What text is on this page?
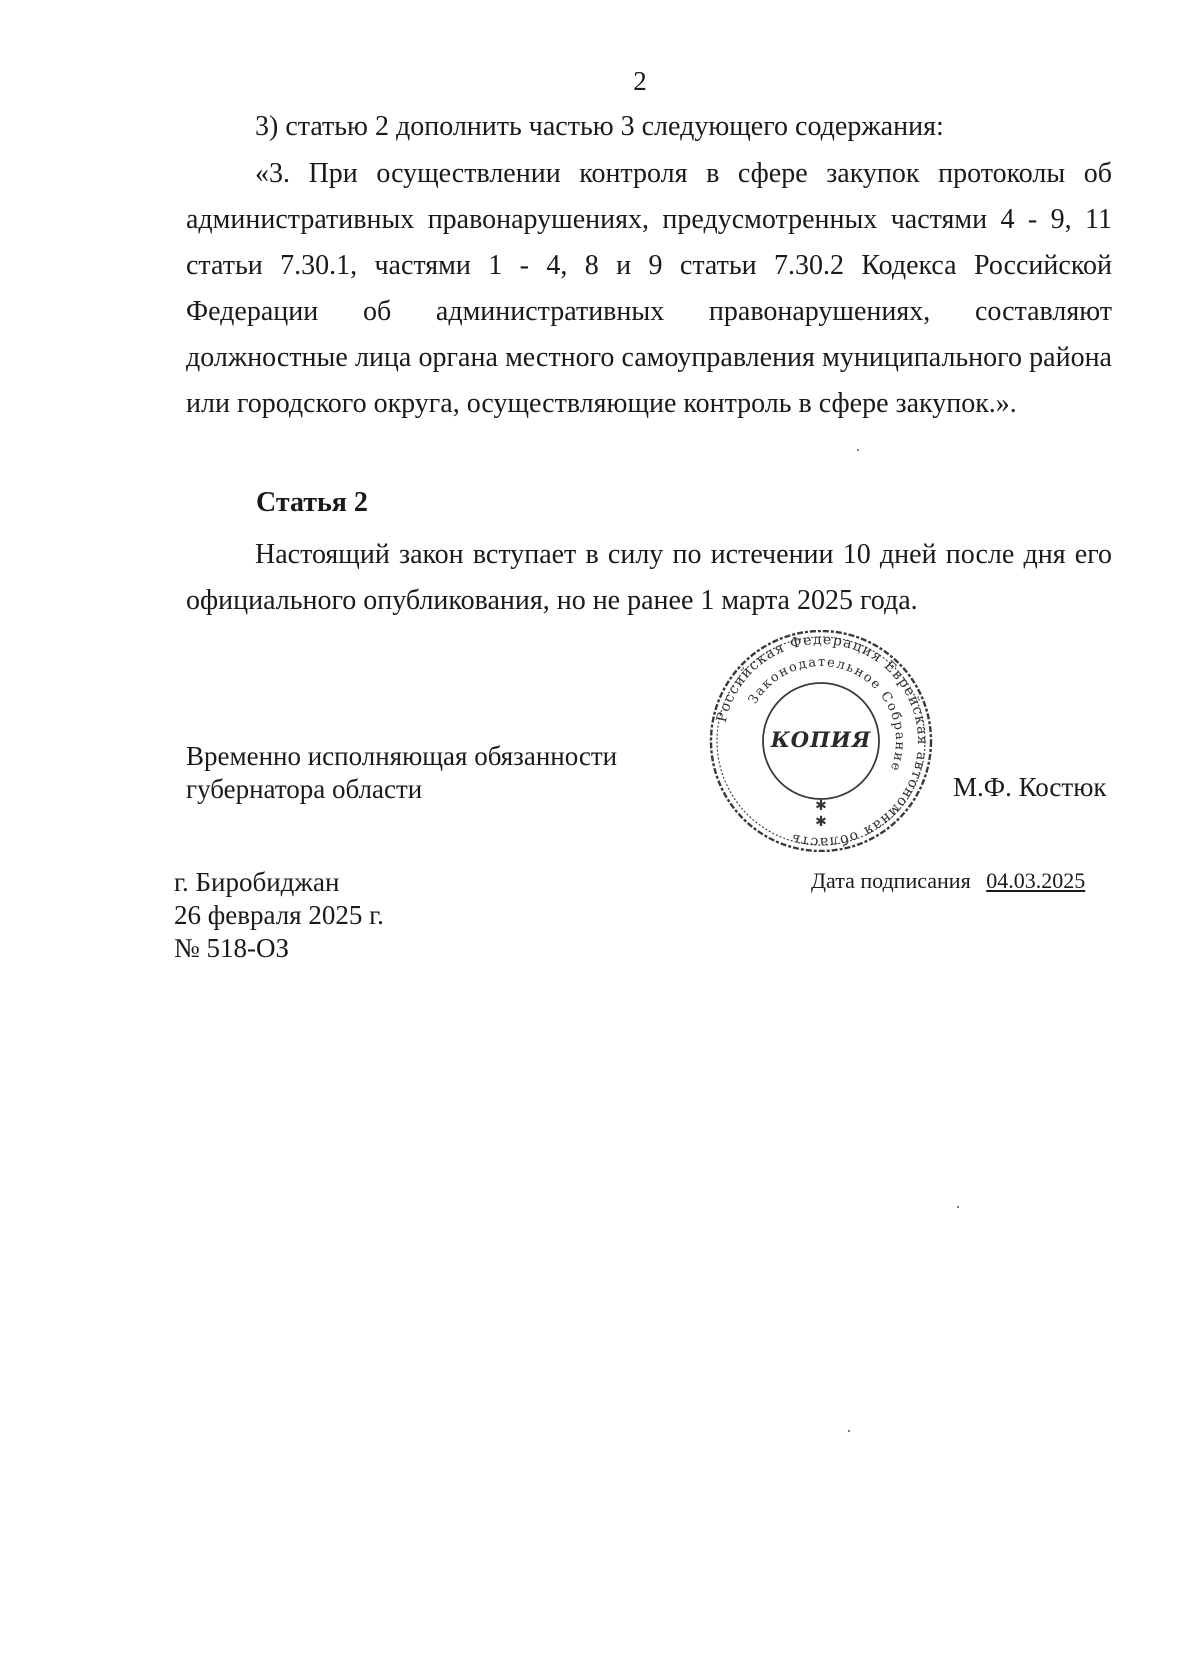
2

3) статью 2 дополнить частью 3 следующего содержания:

«3. При осуществлении контроля в сфере закупок протоколы об административных правонарушениях, предусмотренных частями 4 - 9, 11 статьи 7.30.1, частями 1 - 4, 8 и 9 статьи 7.30.2 Кодекса Российской Федерации об административных правонарушениях, составляют должностные лица органа местного самоуправления муниципального района или городского округа, осуществляющие контроль в сфере закупок.».

Статья 2

Настоящий закон вступает в силу по истечении 10 дней после дня его официального опубликования, но не ранее 1 марта 2025 года.

Временно исполняющая обязанности
губернатора области
Российская Федерация Еврейская автономная область
Законодательное Собрание
✱
✱
КОПИЯ
М.Ф. Костюк
г. Биробиджан
26 февраля 2025 г.
№ 518-ОЗ
Дата подписания 04.03.2025
